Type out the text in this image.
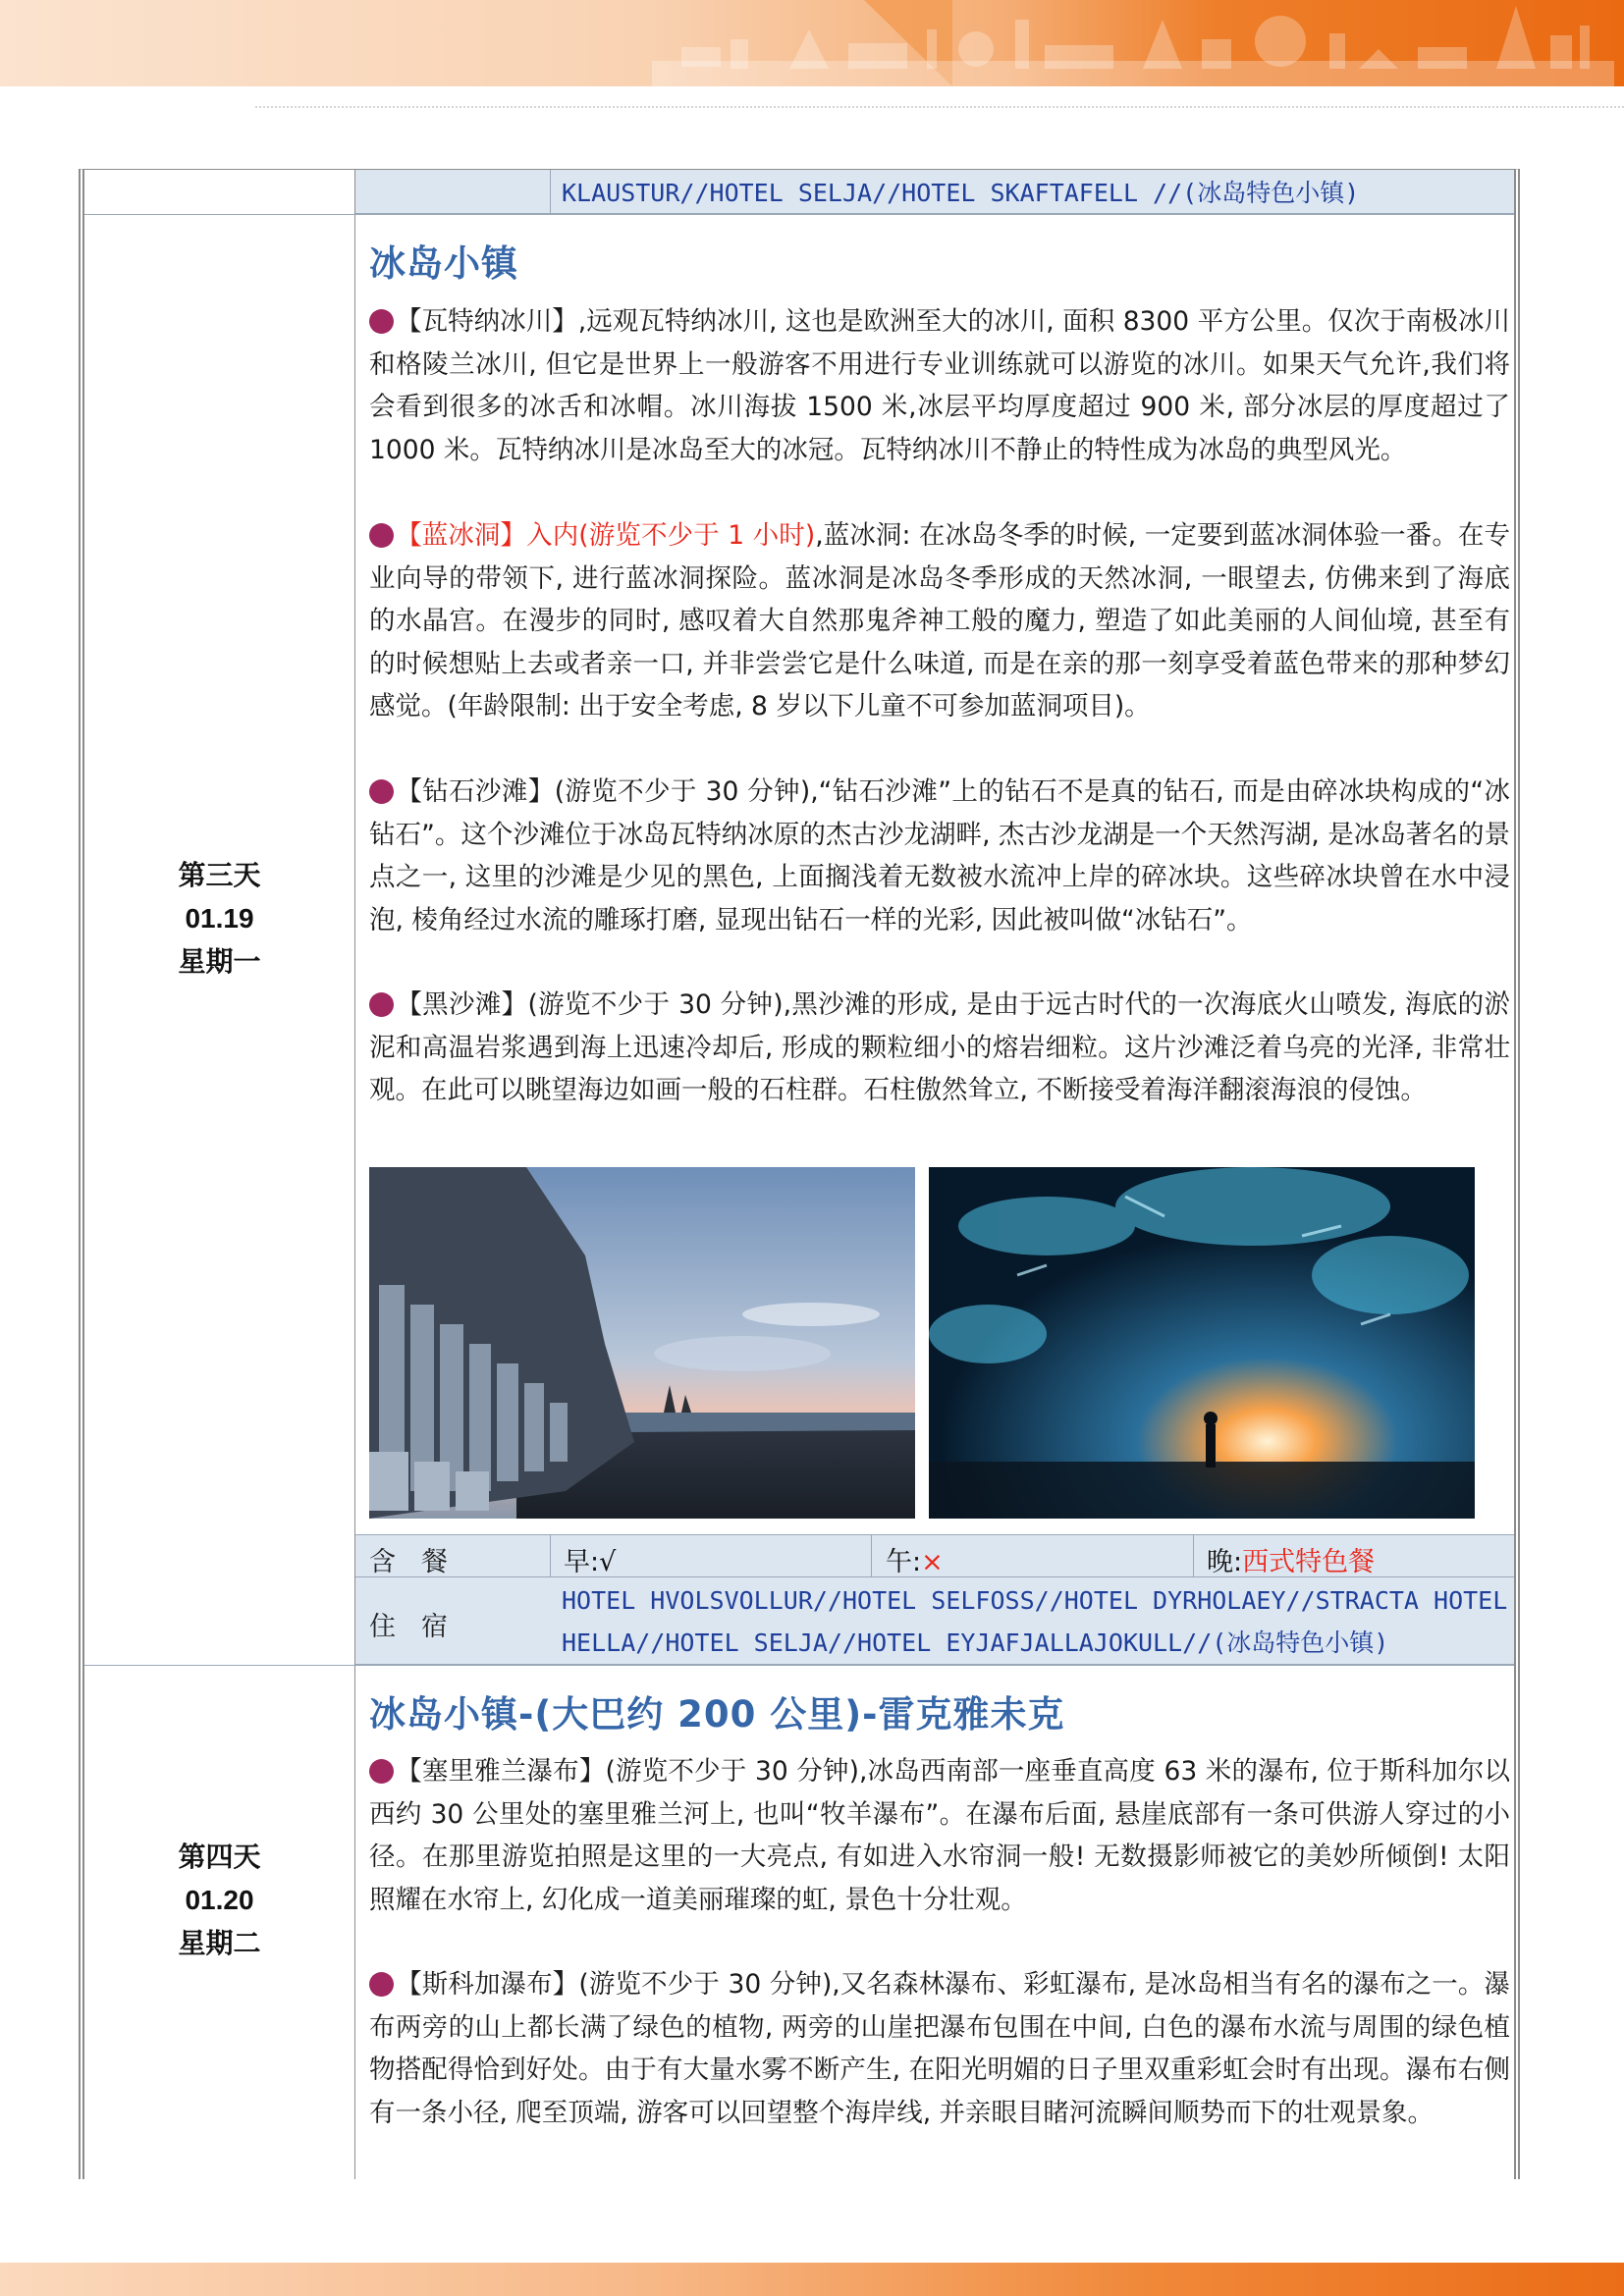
KLAUSTUR//HOTEL SELJA//HOTEL SKAFTAFELL //(冰岛特色小镇)
第三天
01.19
星期一
冰岛小镇
【瓦特纳冰川】,远观瓦特纳冰川, 这也是欧洲至大的冰川, 面积 8300 平方公里。仅次于南极冰川和格陵兰冰川, 但它是世界上一般游客不用进行专业训练就可以游览的冰川。如果天气允许,我们将会看到很多的冰舌和冰帽。冰川海拔 1500 米,冰层平均厚度超过 900 米, 部分冰层的厚度超过了 1000 米。瓦特纳冰川是冰岛至大的冰冠。瓦特纳冰川不静止的特性成为冰岛的典型风光。
【蓝冰洞】入内(游览不少于 1 小时),蓝冰洞: 在冰岛冬季的时候, 一定要到蓝冰洞体验一番。在专业向导的带领下, 进行蓝冰洞探险。蓝冰洞是冰岛冬季形成的天然冰洞, 一眼望去, 仿佛来到了海底的水晶宫。在漫步的同时, 感叹着大自然那鬼斧神工般的魔力, 塑造了如此美丽的人间仙境, 甚至有的时候想贴上去或者亲一口, 并非尝尝它是什么味道, 而是在亲的那一刻享受着蓝色带来的那种梦幻感觉。(年龄限制: 出于安全考虑, 8 岁以下儿童不可参加蓝洞项目)。
【钻石沙滩】(游览不少于 30 分钟),“钻石沙滩”上的钻石不是真的钻石, 而是由碎冰块构成的“冰钻石”。这个沙滩位于冰岛瓦特纳冰原的杰古沙龙湖畔, 杰古沙龙湖是一个天然泻湖, 是冰岛著名的景点之一, 这里的沙滩是少见的黑色, 上面搁浅着无数被水流冲上岸的碎冰块。这些碎冰块曾在水中浸泡, 棱角经过水流的雕琢打磨, 显现出钻石一样的光彩, 因此被叫做“冰钻石”。
【黑沙滩】(游览不少于 30 分钟),黑沙滩的形成, 是由于远古时代的一次海底火山喷发, 海底的淤泥和高温岩浆遇到海上迅速冷却后, 形成的颗粒细小的熔岩细粒。这片沙滩泛着乌亮的光泽, 非常壮观。在此可以眺望海边如画一般的石柱群。石柱傲然耸立, 不断接受着海洋翻滚海浪的侵蚀。
含餐	早:√	午:×	晚:西式特色餐
住宿
HOTEL HVOLSVOLLUR//HOTEL SELFOSS//HOTEL DYRHOLAEY//STRACTA HOTEL
HELLA//HOTEL SELJA//HOTEL EYJAFJALLAJOKULL//(冰岛特色小镇)
第四天
01.20
星期二
冰岛小镇-(大巴约 200 公里)-雷克雅未克
【塞里雅兰瀑布】(游览不少于 30 分钟),冰岛西南部一座垂直高度 63 米的瀑布, 位于斯科加尔以西约 30 公里处的塞里雅兰河上, 也叫“牧羊瀑布”。在瀑布后面, 悬崖底部有一条可供游人穿过的小径。在那里游览拍照是这里的一大亮点, 有如进入水帘洞一般! 无数摄影师被它的美妙所倾倒! 太阳照耀在水帘上, 幻化成一道美丽璀璨的虹, 景色十分壮观。
【斯科加瀑布】(游览不少于 30 分钟),又名森林瀑布、彩虹瀑布, 是冰岛相当有名的瀑布之一。瀑布两旁的山上都长满了绿色的植物, 两旁的山崖把瀑布包围在中间, 白色的瀑布水流与周围的绿色植物搭配得恰到好处。由于有大量水雾不断产生, 在阳光明媚的日子里双重彩虹会时有出现。瀑布右侧有一条小径, 爬至顶端, 游客可以回望整个海岸线, 并亲眼目睹河流瞬间顺势而下的壮观景象。
